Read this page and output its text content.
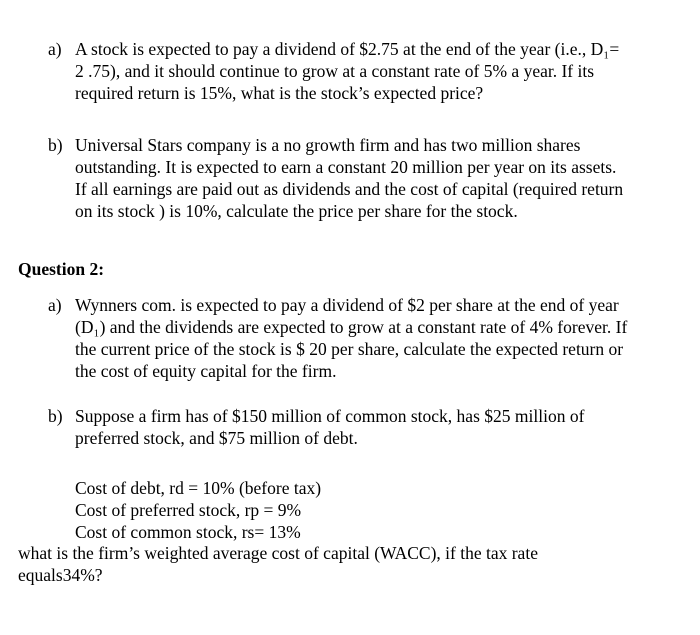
a) A stock is expected to pay a dividend of $2.75 at the end of the year (i.e., D₁=
2 .75), and it should continue to grow at a constant rate of 5% a year. If its
required return is 15%, what is the stock’s expected price?
b) Universal Stars company is a no growth firm and has two million shares
outstanding. It is expected to earn a constant 20 million per year on its assets.
If all earnings are paid out as dividends and the cost of capital (required return
on its stock ) is 10%, calculate the price per share for the stock.
Question 2:
a) Wynners com. is expected to pay a dividend of $2 per share at the end of year
(D₁) and the dividends are expected to grow at a constant rate of 4% forever. If
the current price of the stock is $ 20 per share, calculate the expected return or
the cost of equity capital for the firm.
b) Suppose a firm has of $150 million of common stock, has $25 million of
preferred stock, and $75 million of debt.
Cost of debt, rd = 10% (before tax)
Cost of preferred stock, rp = 9%
Cost of common stock, rs= 13%
what is the firm’s weighted average cost of capital (WACC), if the tax rate
equals34%?
